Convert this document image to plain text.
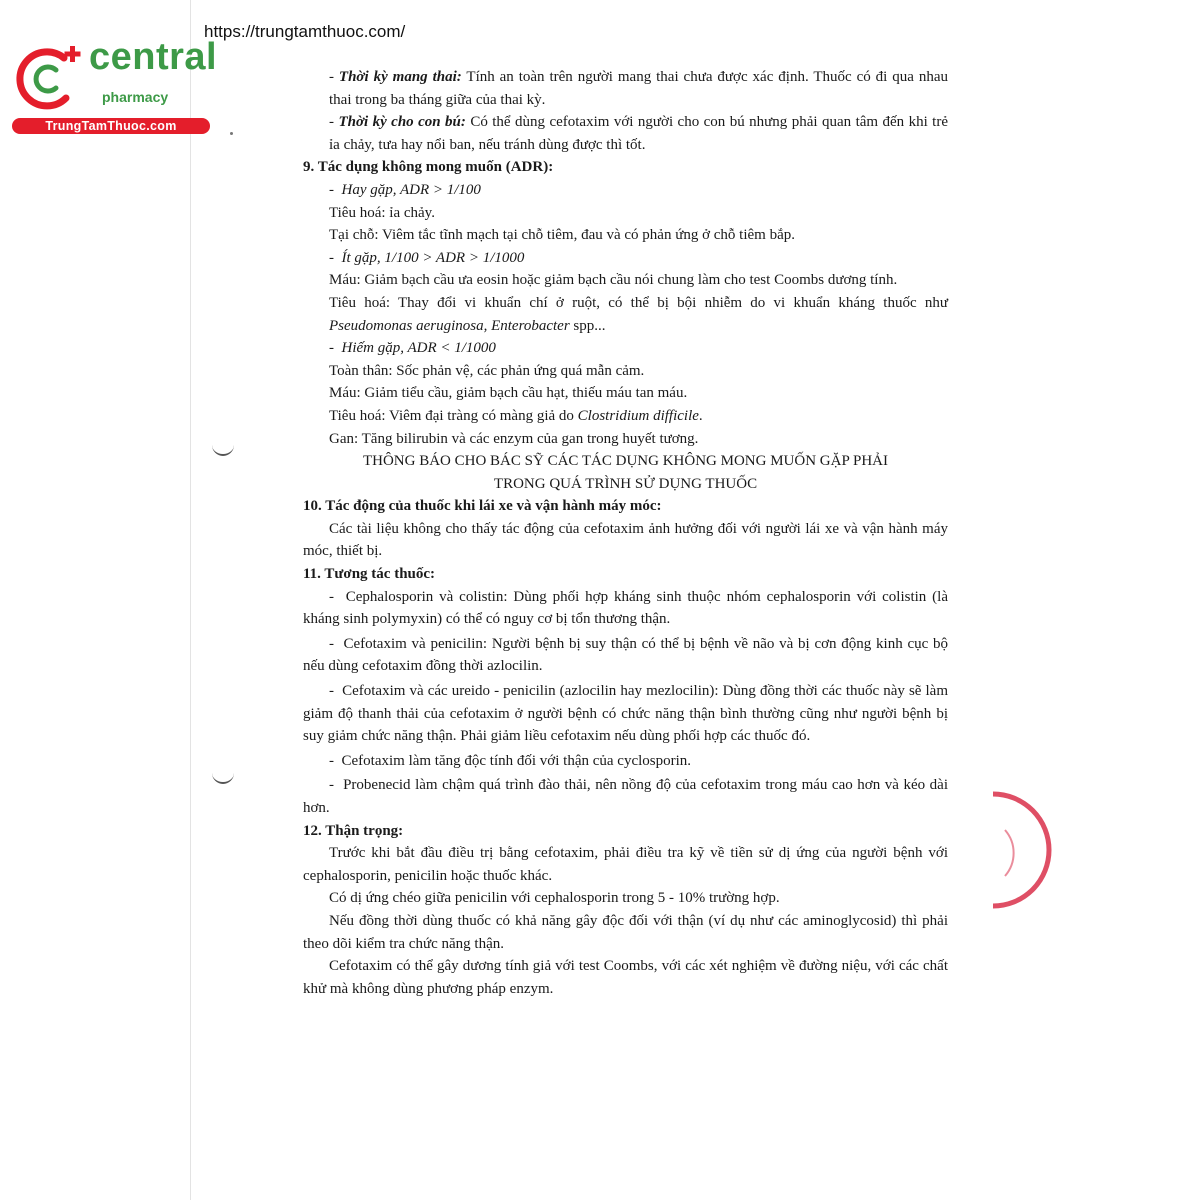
https://trungtamthuoc.com/
central
pharmacy
TrungTamThuoc.com

- Thời kỳ mang thai: Tính an toàn trên người mang thai chưa được xác định. Thuốc có đi qua nhau thai trong ba tháng giữa của thai kỳ.

- Thời kỳ cho con bú: Có thể dùng cefotaxim với người cho con bú nhưng phải quan tâm đến khi trẻ ỉa chảy, tưa hay nổi ban, nếu tránh dùng được thì tốt.

9. Tác dụng không mong muốn (ADR):

-  Hay gặp, ADR > 1/100

Tiêu hoá: ỉa chảy.

Tại chỗ: Viêm tắc tĩnh mạch tại chỗ tiêm, đau và có phản ứng ở chỗ tiêm bắp.

-  Ít gặp, 1/100 > ADR > 1/1000

Máu: Giảm bạch cầu ưa eosin hoặc giảm bạch cầu nói chung làm cho test Coombs dương tính.

Tiêu hoá: Thay đổi vi khuẩn chí ở ruột, có thể bị bội nhiễm do vi khuẩn kháng thuốc như Pseudomonas aeruginosa, Enterobacter spp...

-  Hiếm gặp, ADR < 1/1000

Toàn thân: Sốc phản vệ, các phản ứng quá mẫn cảm.

Máu: Giảm tiểu cầu, giảm bạch cầu hạt, thiếu máu tan máu.

Tiêu hoá: Viêm đại tràng có màng giả do Clostridium difficile.

Gan: Tăng bilirubin và các enzym của gan trong huyết tương.

THÔNG BÁO CHO BÁC SỸ CÁC TÁC DỤNG KHÔNG MONG MUỐN GẶP PHẢI

TRONG QUÁ TRÌNH SỬ DỤNG THUỐC

10. Tác động của thuốc khi lái xe và vận hành máy móc:

Các tài liệu không cho thấy tác động của cefotaxim ảnh hưởng đối với người lái xe và vận hành máy móc, thiết bị.

11. Tương tác thuốc:

-  Cephalosporin và colistin: Dùng phối hợp kháng sinh thuộc nhóm cephalosporin với colistin (là kháng sinh polymyxin) có thể có nguy cơ bị tổn thương thận.

-  Cefotaxim và penicilin: Người bệnh bị suy thận có thể bị bệnh về não và bị cơn động kinh cục bộ nếu dùng cefotaxim đồng thời azlocilin.

-  Cefotaxim và các ureido - penicilin (azlocilin hay mezlocilin): Dùng đồng thời các thuốc này sẽ làm giảm độ thanh thải của cefotaxim ở người bệnh có chức năng thận bình thường cũng như người bệnh bị suy giảm chức năng thận. Phải giảm liều cefotaxim nếu dùng phối hợp các thuốc đó.

-  Cefotaxim làm tăng độc tính đối với thận của cyclosporin.

-  Probenecid làm chậm quá trình đào thải, nên nồng độ của cefotaxim trong máu cao hơn và kéo dài hơn.

12. Thận trọng:

Trước khi bắt đầu điều trị bằng cefotaxim, phải điều tra kỹ về tiền sử dị ứng của người bệnh với cephalosporin, penicilin hoặc thuốc khác.

Có dị ứng chéo giữa penicilin với cephalosporin trong 5 - 10% trường hợp.

Nếu đồng thời dùng thuốc có khả năng gây độc đối với thận (ví dụ như các aminoglycosid) thì phải theo dõi kiểm tra chức năng thận.

Cefotaxim có thể gây dương tính giả với test Coombs, với các xét nghiệm về đường niệu, với các chất khử mà không dùng phương pháp enzym.
